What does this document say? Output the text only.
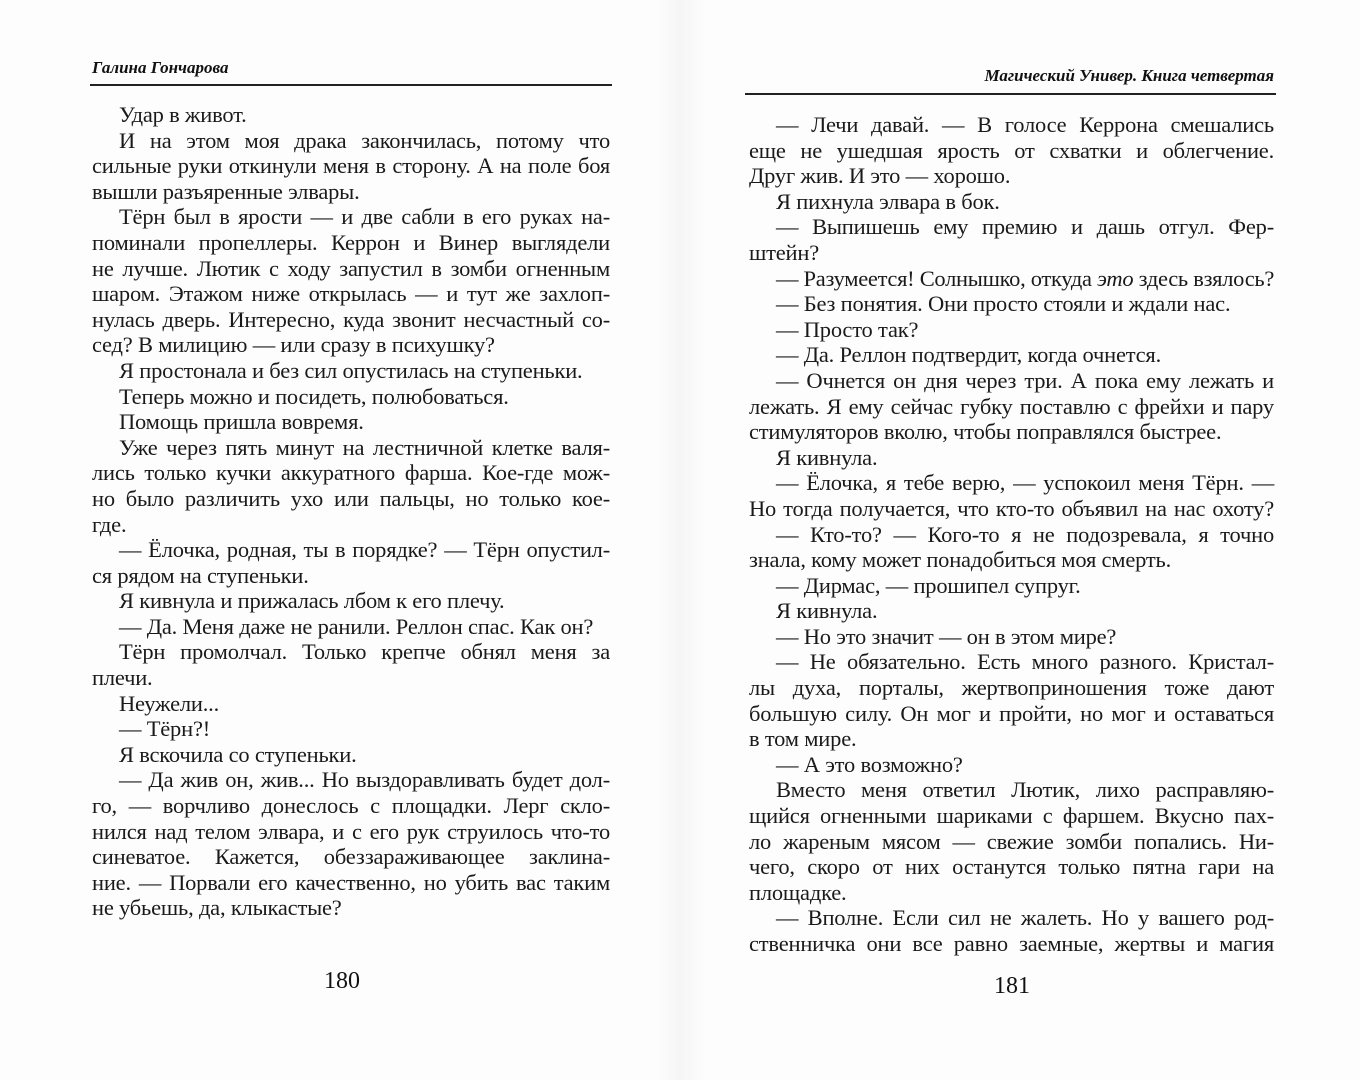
Галина Гончарова
Удар в живот.
И на этом моя драка закончилась, потому что
сильные руки откинули меня в сторону. А на поле боя
вышли разъяренные элвары.
Тёрн был в ярости — и две сабли в его руках на-
поминали пропеллеры. Керрон и Винер выглядели
не лучше. Лютик с ходу запустил в зомби огненным
шаром. Этажом ниже открылась — и тут же захлоп-
нулась дверь. Интересно, куда звонит несчастный со-
сед? В милицию — или сразу в психушку?
Я простонала и без сил опустилась на ступеньки.
Теперь можно и посидеть, полюбоваться.
Помощь пришла вовремя.
Уже через пять минут на лестничной клетке валя-
лись только кучки аккуратного фарша. Кое-где мож-
но было различить ухо или пальцы, но только кое-
где.
— Ёлочка, родная, ты в порядке? — Тёрн опустил-
ся рядом на ступеньки.
Я кивнула и прижалась лбом к его плечу.
— Да. Меня даже не ранили. Реллон спас. Как он?
Тёрн промолчал. Только крепче обнял меня за
плечи.
Неужели...
— Тёрн?!
Я вскочила со ступеньки.
— Да жив он, жив... Но выздоравливать будет дол-
го, — ворчливо донеслось с площадки. Лерг скло-
нился над телом элвара, и с его рук струилось что-то
синеватое. Кажется, обеззараживающее заклина-
ние. — Порвали его качественно, но убить вас таким
не убьешь, да, клыкастые?
180
Магический Универ. Книга четвертая
— Лечи давай. — В голосе Керрона смешались
еще не ушедшая ярость от схватки и облегчение.
Друг жив. И это — хорошо.
Я пихнула элвара в бок.
— Выпишешь ему премию и дашь отгул. Фер-
штейн?
— Разумеется! Солнышко, откуда это здесь взялось?
— Без понятия. Они просто стояли и ждали нас.
— Просто так?
— Да. Реллон подтвердит, когда очнется.
— Очнется он дня через три. А пока ему лежать и
лежать. Я ему сейчас губку поставлю с фрейхи и пару
стимуляторов вколю, чтобы поправлялся быстрее.
Я кивнула.
— Ёлочка, я тебе верю, — успокоил меня Тёрн. —
Но тогда получается, что кто-то объявил на нас охоту?
— Кто-то? — Кого-то я не подозревала, я точно
знала, кому может понадобиться моя смерть.
— Дирмас, — прошипел супруг.
Я кивнула.
— Но это значит — он в этом мире?
— Не обязательно. Есть много разного. Кристал-
лы духа, порталы, жертвоприношения тоже дают
большую силу. Он мог и пройти, но мог и оставаться
в том мире.
— А это возможно?
Вместо меня ответил Лютик, лихо расправляю-
щийся огненными шариками с фаршем. Вкусно пах-
ло жареным мясом — свежие зомби попались. Ни-
чего, скоро от них останутся только пятна гари на
площадке.
— Вполне. Если сил не жалеть. Но у вашего род-
ственничка они все равно заемные, жертвы и магия
181
